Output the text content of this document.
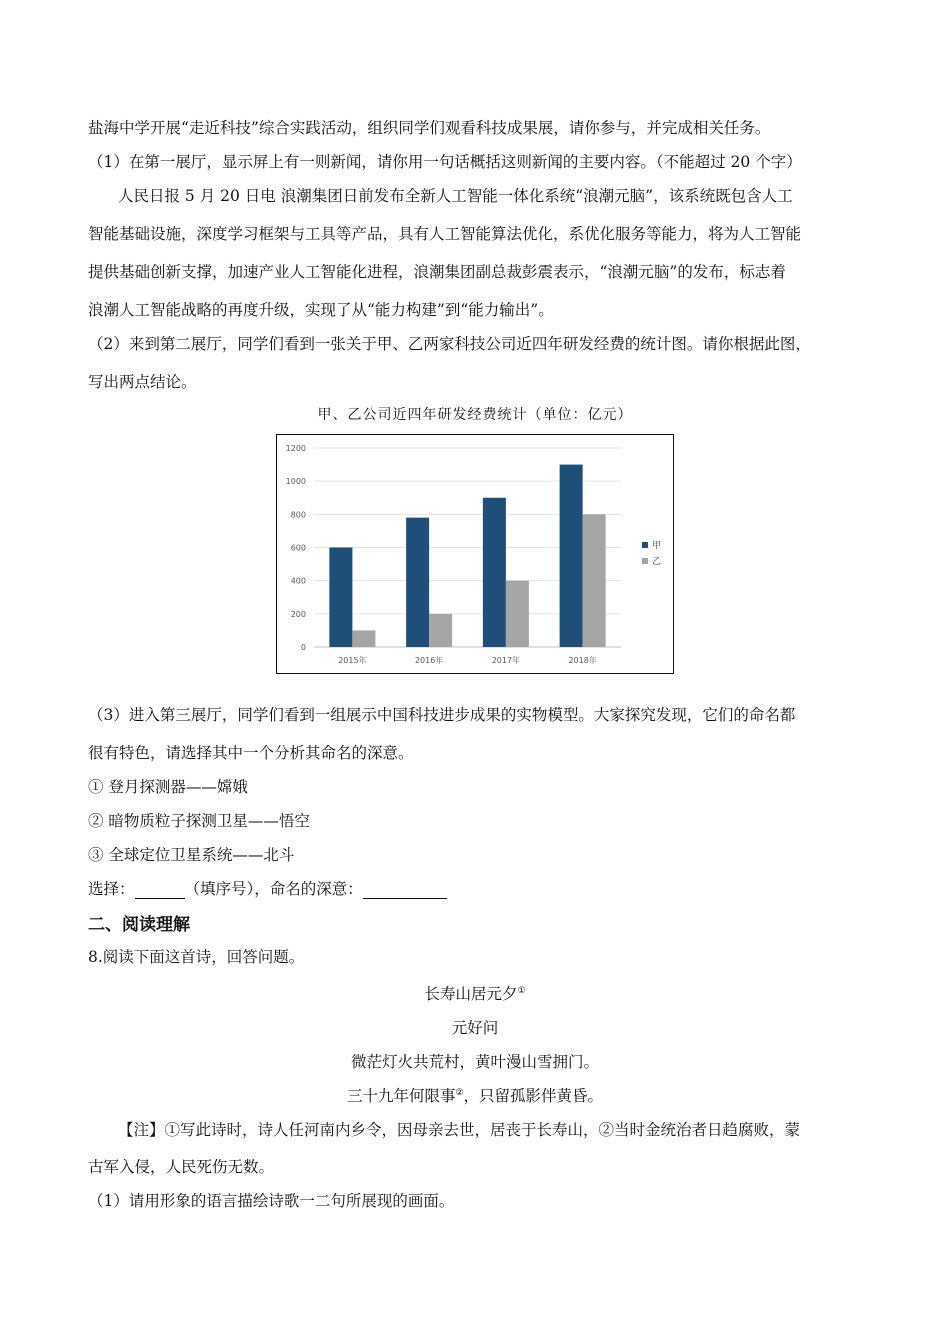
盐海中学开展“走近科技”综合实践活动，组织同学们观看科技成果展，请你参与，并完成相关任务。
（1）在第一展厅，显示屏上有一则新闻，请你用一句话概括这则新闻的主要内容。（不能超过 20 个字）
人民日报 5 月 20 日电 浪潮集团日前发布全新人工智能一体化系统“浪潮元脑”，该系统既包含人工
智能基础设施，深度学习框架与工具等产品，具有人工智能算法优化，系优化服务等能力，将为人工智能
提供基础创新支撑，加速产业人工智能化进程，浪潮集团副总裁彭震表示，“浪潮元脑”的发布，标志着
浪潮人工智能战略的再度升级，实现了从“能力构建”到“能力输出”。
（2）来到第二展厅，同学们看到一张关于甲、乙两家科技公司近四年研发经费的统计图。请你根据此图，
写出两点结论。
甲、乙公司近四年研发经费统计（单位：亿元）
0
200
400
600
800
1000
1200
2015年	2016年	2017年	2018年
甲
乙
（3）进入第三展厅，同学们看到一组展示中国科技进步成果的实物模型。大家探究发现，它们的命名都
很有特色，请选择其中一个分析其命名的深意。
① 登月探测器——嫦娥
② 暗物质粒子探测卫星——悟空
③ 全球定位卫星系统——北斗
选择：	（填序号），命名的深意：
二、阅读理解
8.阅读下面这首诗，回答问题。
长寿山居元夕①
元好问
微茫灯火共荒村，黄叶漫山雪拥门。
三十九年何限事②，只留孤影伴黄昏。
【注】①写此诗时，诗人任河南内乡令，因母亲去世，居丧于长寿山，②当时金统治者日趋腐败，蒙
古军入侵，人民死伤无数。
（1）请用形象的语言描绘诗歌一二句所展现的画面。
